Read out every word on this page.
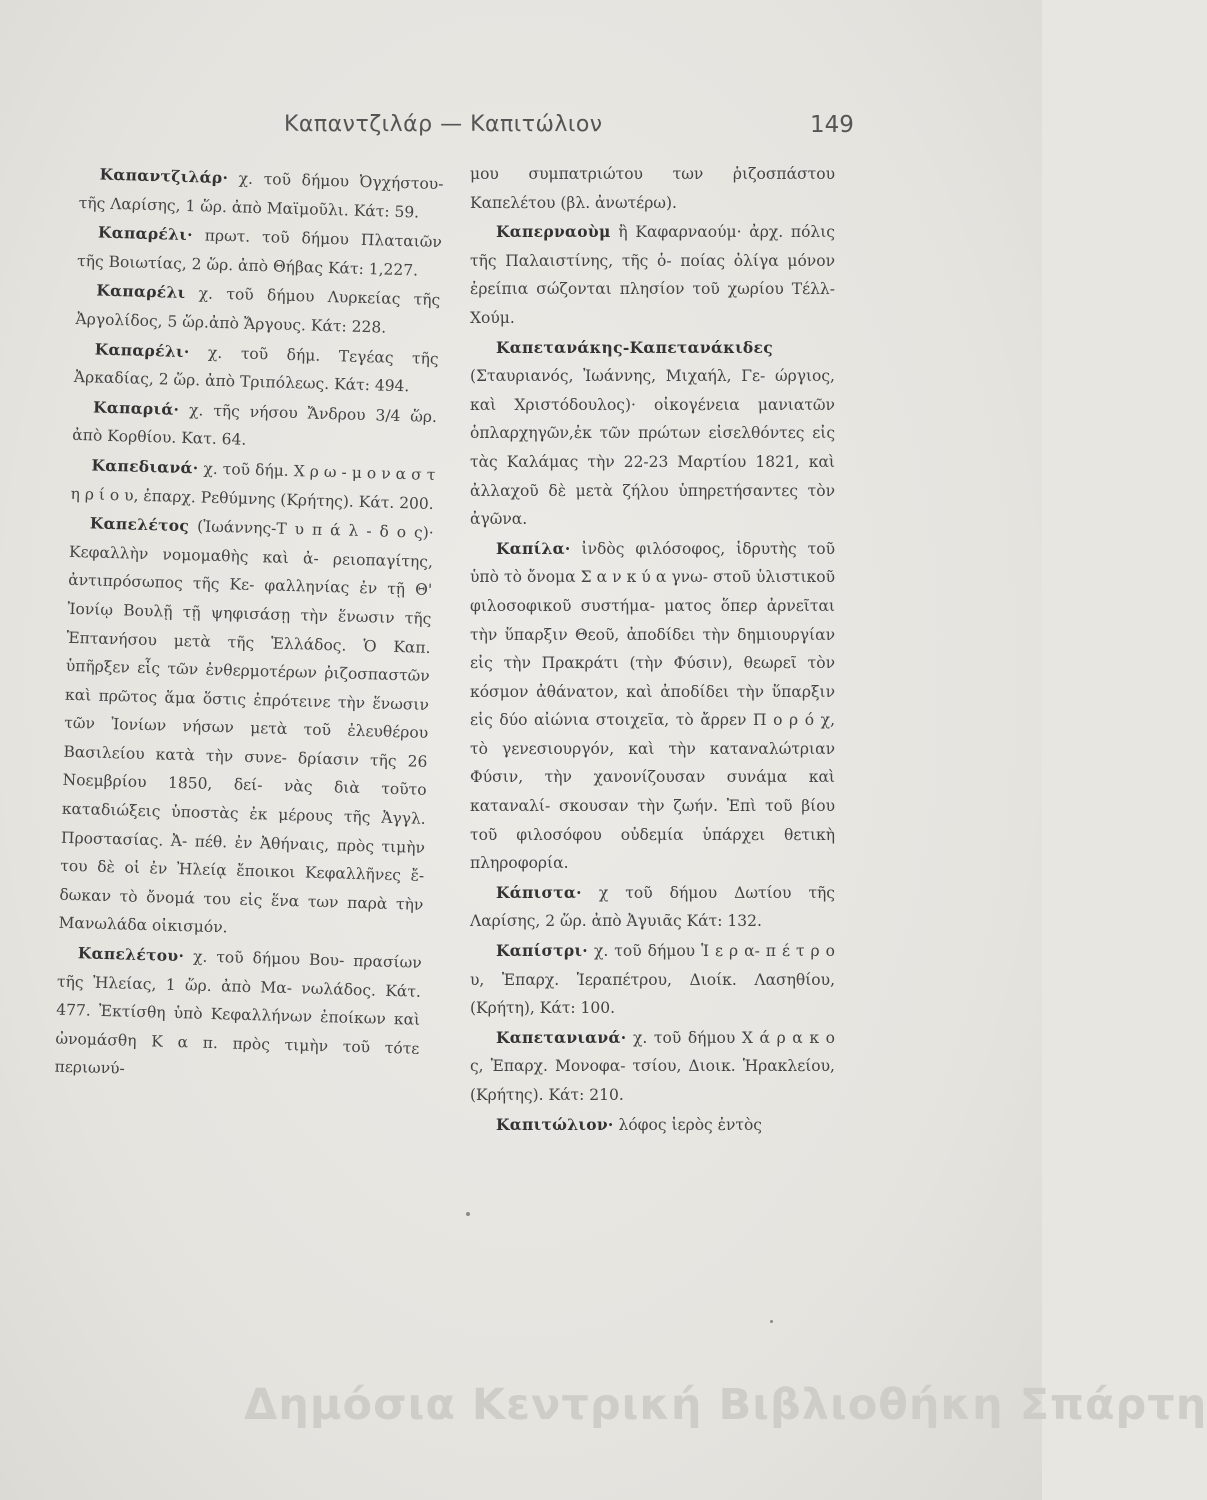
Καπαντζιλάρ — Καπιτώλιον	149

Καπαντζιλάρ· χ. τοῦ δήμου Ὀγχήστου- τῆς Λαρίσης, 1 ὥρ. ἀπὸ Μαϊμοῦλι. Κάτ: 59.

Καπαρέλι· πρωτ. τοῦ δήμου Πλαταιῶν τῆς Βοιωτίας, 2 ὥρ. ἀπὸ Θήβας Κάτ: 1,227.

Καπαρέλι χ. τοῦ δήμου Λυρκείας τῆς Ἀργολίδος, 5 ὥρ.ἀπὸ Ἄργους. Κάτ: 228.

Καπαρέλι· χ. τοῦ δήμ. Τεγέας τῆς Ἀρκαδίας, 2 ὥρ. ἀπὸ Τριπόλεως. Κάτ: 494.

Καπαριά· χ. τῆς νήσου Ἄνδρου 3/4 ὥρ. ἀπὸ Κορθίου. Κατ. 64.

Καπεδιανά· χ. τοῦ δήμ. Χ ρ ω - μ ο ν α σ τ η ρ ί ο υ, ἐπαρχ. Ρεθύμνης (Κρήτης). Κάτ. 200.

Καπελέτος (Ἰωάννης-Τ υ π ά λ - δ ο ς)· Κεφαλλὴν νομομαθὴς καὶ ἀ- ρειοπαγίτης, ἀντιπρόσωπος τῆς Κε- φαλληνίας ἐν τῇ Θ' Ἰονίῳ Βουλῇ τῇ ψηφισάσῃ τὴν ἕνωσιν τῆς Ἑπτανήσου μετὰ τῆς Ἑλλάδος. Ὁ Καπ. ὑπῆρξεν εἷς τῶν ἐνθερμοτέρων ῥιζοσπαστῶν καὶ πρῶτος ἅμα ὅστις ἐπρότεινε τὴν ἕνωσιν τῶν Ἰονίων νήσων μετὰ τοῦ ἐλευθέρου Βασιλείου κατὰ τὴν συνε- δρίασιν τῆς 26 Νοεμβρίου 1850, δεί- νὰς διὰ τοῦτο καταδιώξεις ὑποστὰς ἐκ μέρους τῆς Ἀγγλ. Προστασίας. Ἀ- πέθ. ἐν Ἀθήναις, πρὸς τιμὴν του δὲ οἱ ἐν Ἠλείᾳ ἔποικοι Κεφαλλῆνες ἔ- δωκαν τὸ ὄνομά του εἰς ἕνα των παρὰ τὴν Μανωλάδα οἰκισμόν.

Καπελέτου· χ. τοῦ δήμου Βου- πρασίων τῆς Ἠλείας, 1 ὥρ. ἀπὸ Μα- νωλάδος. Κάτ. 477. Ἐκτίσθη ὑπὸ Κεφαλλήνων ἐποίκων καὶ ὠνομάσθη Κ α π. πρὸς τιμὴν τοῦ τότε περιωνύ-

μου συμπατριώτου των ῥιζοσπάστου Καπελέτου (βλ. ἀνωτέρω).

Καπερναοὺμ ἢ Καφαρναούμ· ἀρχ. πόλις τῆς Παλαιστίνης, τῆς ὁ- ποίας ὀλίγα μόνον ἐρείπια σώζονται πλησίον τοῦ χωρίου Τέλλ-Χούμ.

Καπετανάκης-Καπετανάκιδες (Σταυριανός, Ἰωάννης, Μιχαήλ, Γε- ώργιος, καὶ Χριστόδουλος)· οἰκογένεια μανιατῶν ὁπλαρχηγῶν,ἐκ τῶν πρώτων εἰσελθόντες εἰς τὰς Καλάμας τὴν 22-23 Μαρτίου 1821, καὶ ἀλλαχοῦ δὲ μετὰ ζήλου ὑπηρετήσαντες τὸν ἀγῶνα.

Καπίλα· ἰνδὸς φιλόσοφος, ἱδρυτὴς τοῦ ὑπὸ τὸ ὄνομα Σ α ν κ ύ α γνω- στοῦ ὑλιστικοῦ φιλοσοφικοῦ συστήμα- ματος ὅπερ ἀρνεῖται τὴν ὕπαρξιν Θεοῦ, ἀποδίδει τὴν δημιουργίαν εἰς τὴν Πρακράτι (τὴν Φύσιν), θεωρεῖ τὸν κόσμον ἀθάνατον, καὶ ἀποδίδει τὴν ὕπαρξιν εἰς δύο αἰώνια στοιχεῖα, τὸ ἄρρεν Π ο ρ ό χ, τὸ γενεσιουργόν, καὶ τὴν καταναλώτριαν Φύσιν, τὴν χανονίζουσαν συνάμα καὶ καταναλί- σκουσαν τὴν ζωήν. Ἐπὶ τοῦ βίου τοῦ φιλοσόφου οὐδεμία ὑπάρχει θετικὴ πληροφορία.

Κάπιστα· χ τοῦ δήμου Δωτίου τῆς Λαρίσης, 2 ὥρ. ἀπὸ Ἀγυιᾶς Κάτ: 132.

Καπίστρι· χ. τοῦ δήμου Ἱ ε ρ α- π έ τ ρ ο υ, Ἐπαρχ. Ἱεραπέτρου, Διοίκ. Λασηθίου, (Κρήτη), Κάτ: 100.

Καπετανιανά· χ. τοῦ δήμου Χ ά ρ α κ ο ς, Ἐπαρχ. Μονοφα- τσίου, Διοικ. Ἡρακλείου, (Κρήτης). Κάτ: 210.

Καπιτώλιον· λόφος ἱερὸς ἐντὸς

Δημόσια Κεντρική Βιβλιοθήκη Σπάρτη
